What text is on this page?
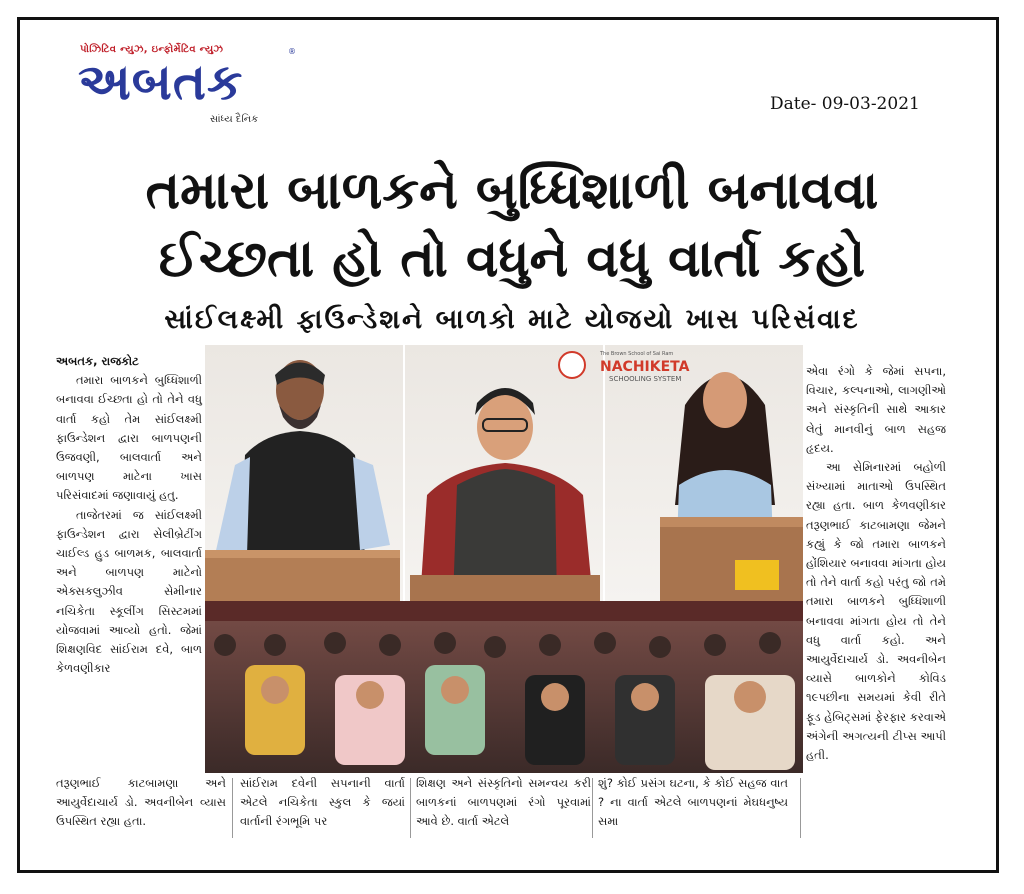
પોઝિટિવ ન્યુઝ, ઇન્ફોર્મેટિવ ન્યુઝ
અબતક
®
સાંધ્ય દૈનિક
Date- 09-03-2021
તમારા બાળકને બુધ્ધિશાળી બનાવવા
ઈચ્છતા હો તો વધુને વધુ વાર્તા કહો
સાંઈલક્ષ્મી ફાઉન્ડેશને બાળકો માટે યોજયો ખાસ પરિસંવાદ

અબતક, રાજકોટ

તમારા બાળકને બુધ્ધિશાળી બનાવવા ઈચ્છતા હો તો તેને વધુ વાર્તા કહો તેમ સાંઈલક્ષ્મી ફાઉન્ડેશન દ્વારા બાળપણની ઉજવણી, બાલવાર્તા અને બાળપણ માટેના ખાસ પરિસંવાદમાં જણાવાયું હતુ.

તાજેતરમાં જ સાંઈલક્ષ્મી ફાઉન્ડેશન દ્વારા સેલીબ્રેટીંગ ચાઈલ્ડ હુડ બાળમક, બાલવાર્તા અને બાળપણ માટેનો એક્સકલુઝીવ સેમીનાર નચિકેતા સ્કૂલીંગ સિસ્ટમમાં યોજવામાં આવ્યો હતો. જેમાં શિક્ષણવિદ સાંઈરામ દવે, બાળ કેળવણીકાર

The Brown School of Sai Ram
NACHIKETA
SCHOOLING SYSTEM

એવા રંગો કે જેમાં સપના, વિચાર, કલ્પનાઓ, લાગણીઓ અને સંસ્કૃતિની સાથે આકાર લેતું માનવીનું બાળ સહજ હૃદય.

આ સેમિનારમાં બહોળી સંખ્યામાં માતાઓ ઉપસ્થિત રહ્યા હતા. બાળ કેળવણીકાર તરૂણભાઈ કાટબામણા જેમને કહ્યું કે જો તમારા બાળકને હોંશિયાર બનાવવા માંગતા હોય તો તેને વાર્તા કહો પરંતુ જો તમે તમારા બાળકને બુધ્ધિશાળી બનાવવા માંગતા હોય તો તેને વધુ વાર્તા કહો. અને આયુર્વેદાચાર્ય ડો. અવનીબેન વ્યાસે બાળકોને કોવિડ ૧૯પછીના સમયમાં કેવી રીતે ફૂડ હેબિટ્સમાં ફેરફાર કરવાએ અંગેની અગત્યની ટીપ્સ આપી હતી.

તરૂણભાઈ કાટબામણા અને આયુર્વેદાચાર્ય ડો. અવનીબેન વ્યાસ ઉપસ્થિત રહ્યા હતા.
સાંઈરામ દવેની સપનાની વાર્તા એટલે નચિકેતા સ્કુલ કે જયાં વાર્તાની રંગભૂમિ પર
શિક્ષણ અને સંસ્કૃતિનો સમન્વય કરી બાળકનાં બાળપણમાં રંગો પૂરવામાં આવે છે. વાર્તા એટલે
શું? કોઈ પ્રસંગ ઘટના, કે કોઈ સહજ વાત ? ના વાર્તા એટલે બાળપણનાં મેઘધનુષ્ય સમા
